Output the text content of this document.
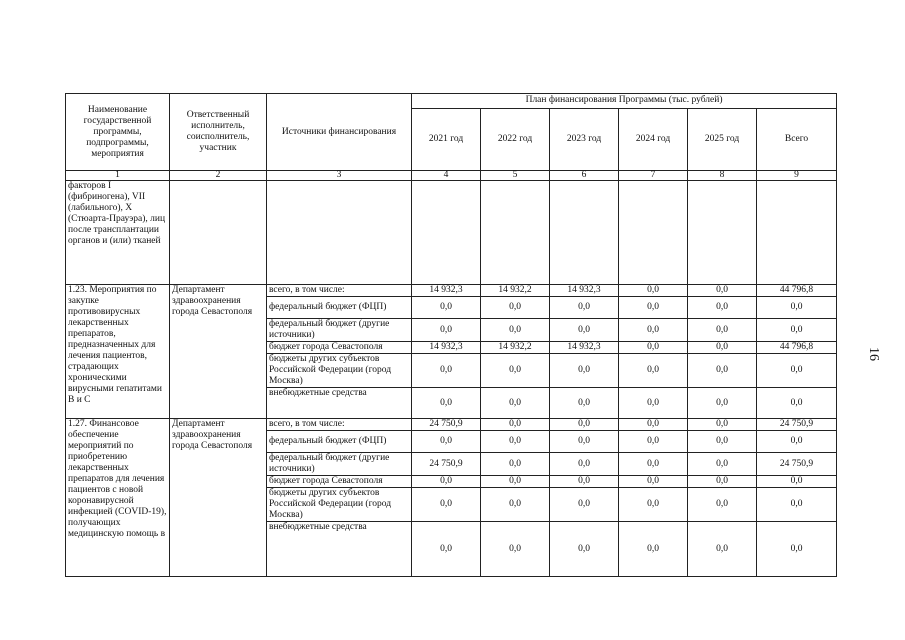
Наименование государственной программы, подпрограммы, мероприятия	Ответственный исполнитель, соисполнитель, участник	Источники финансирования	План финансирования Программы (тыс. рублей)					
			2021 год	2022 год	2023 год	2024 год	2025 год	Всего
1	2	3	4	5	6	7	8	9
факторов I (фибриногена), VII (лабильного), X (Стюарта-Прауэра), лиц после трансплантации органов и (или) тканей								
1.23. Мероприятия по закупке противовирусных лекарственных препаратов, предназначенных для лечения пациентов, страдающих хроническими вирусными гепатитами В и С	Департамент здравоохранения города Севастополя	всего, в том числе:	14 932,3	14 932,2	14 932,3	0,0	0,0	44 796,8
		федеральный бюджет (ФЦП)	0,0	0,0	0,0	0,0	0,0	0,0
		федеральный бюджет (другие источники)	0,0	0,0	0,0	0,0	0,0	0,0
		бюджет города Севастополя	14 932,3	14 932,2	14 932,3	0,0	0,0	44 796,8
		бюджеты других субъектов Российской Федерации (город Москва)	0,0	0,0	0,0	0,0	0,0	0,0
		внебюджетные средства	0,0	0,0	0,0	0,0	0,0	0,0
1.27. Финансовое обеспечение мероприятий по приобретению лекарственных препаратов для лечения пациентов с новой коронавирусной инфекцией (COVID-19), получающих медицинскую помощь в	Департамент здравоохранения города Севастополя	всего, в том числе:	24 750,9	0,0	0,0	0,0	0,0	24 750,9
		федеральный бюджет (ФЦП)	0,0	0,0	0,0	0,0	0,0	0,0
		федеральный бюджет (другие источники)	24 750,9	0,0	0,0	0,0	0,0	24 750,9
		бюджет города Севастополя	0,0	0,0	0,0	0,0	0,0	0,0
		бюджеты других субъектов Российской Федерации (город Москва)	0,0	0,0	0,0	0,0	0,0	0,0
		внебюджетные средства	0,0	0,0	0,0	0,0	0,0	0,0
16
